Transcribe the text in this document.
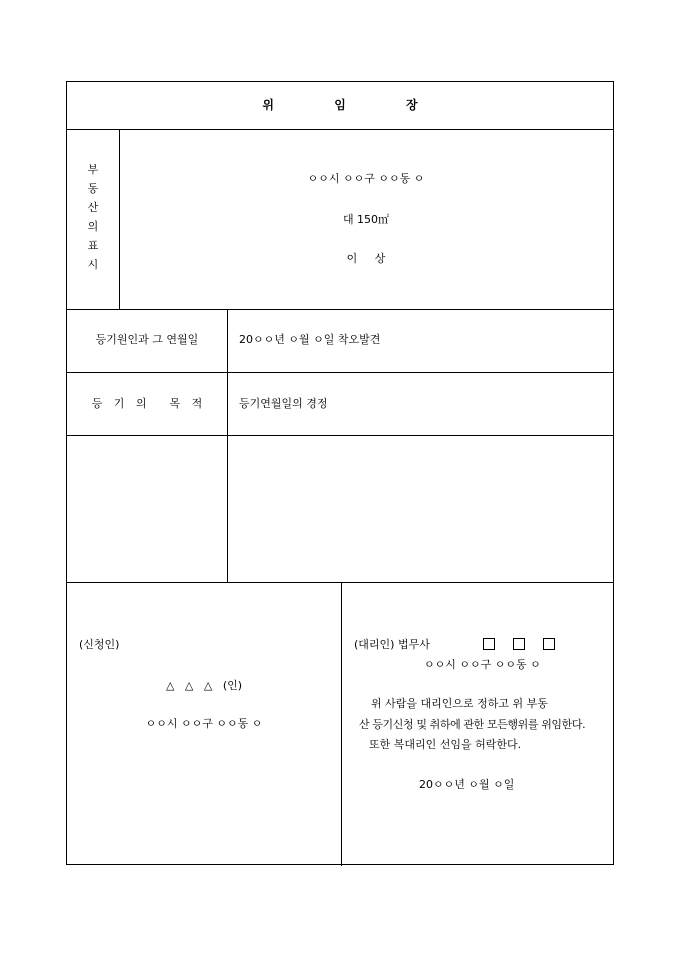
위 임 장
부
동
산
의
표
시
ㅇㅇ시 ㅇㅇ구 ㅇㅇ동 ㅇ
대 150㎡
이     상
등기원인과 그 연월일	20ㅇㅇ년 ㅇ월 ㅇ일 착오발견
등 기 의  목 적	등기연월일의 경정
(신청인)
△   △   △   (인)
ㅇㅇ시 ㅇㅇ구 ㅇㅇ동 ㅇ
(대리인) 법무사
ㅇㅇ시 ㅇㅇ구 ㅇㅇ동 ㅇ
위 사람을 대리인으로 정하고 위 부동
산 등기신청 및 취하에 관한 모든행위를 위임한다.
또한 복대리인 선임을 허락한다.
20ㅇㅇ년 ㅇ월 ㅇ일
